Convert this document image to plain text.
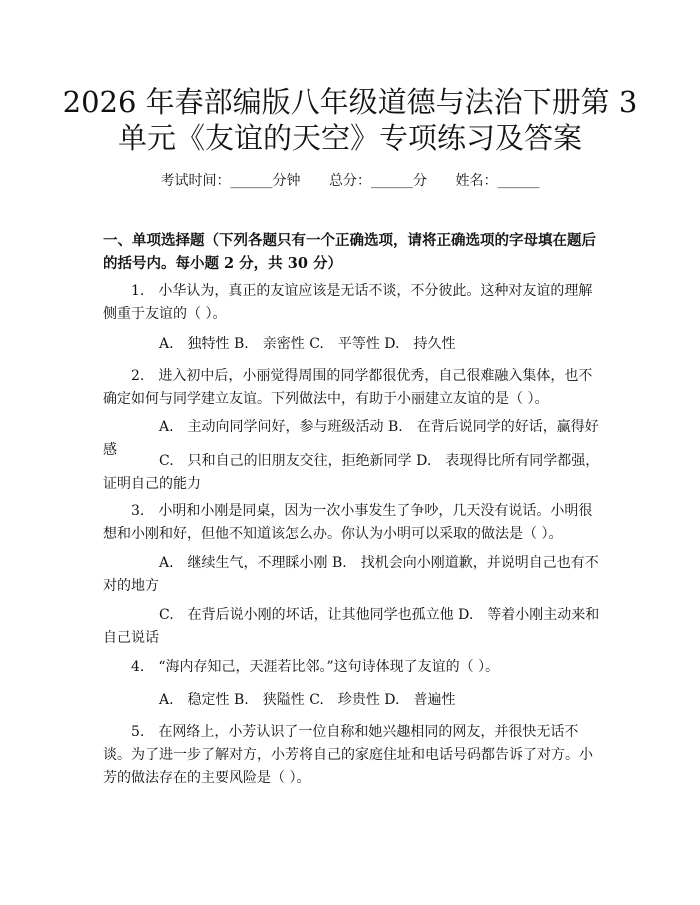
2026 年春部编版八年级道德与法治下册第 3
单元《友谊的天空》专项练习及答案
考试时间：______分钟 总分：______分 姓名：______

一、单项选择题（下列各题只有一个正确选项，请将正确选项的字母填在题后的括号内。每小题 2 分，共 30 分）

1.　小华认为，真正的友谊应该是无话不谈，不分彼此。这种对友谊的理解侧重于友谊的（ ）。

A.　独特性 B.　亲密性 C.　平等性 D.　持久性

2.　进入初中后，小丽觉得周围的同学都很优秀，自己很难融入集体，也不确定如何与同学建立友谊。下列做法中，有助于小丽建立友谊的是（ ）。

A.　主动向同学问好，参与班级活动 B.　在背后说同学的好话，赢得好感

C.　只和自己的旧朋友交往，拒绝新同学 D.　表现得比所有同学都强，证明自己的能力

3.　小明和小刚是同桌，因为一次小事发生了争吵，几天没有说话。小明很想和小刚和好，但他不知道该怎么办。你认为小明可以采取的做法是（ ）。

A.　继续生气，不理睬小刚 B.　找机会向小刚道歉，并说明自己也有不对的地方

C.　在背后说小刚的坏话，让其他同学也孤立他 D.　等着小刚主动来和自己说话

4.　“海内存知己，天涯若比邻。”这句诗体现了友谊的（ ）。

A.　稳定性 B.　狭隘性 C.　珍贵性 D.　普遍性

5.　在网络上，小芳认识了一位自称和她兴趣相同的网友，并很快无话不谈。为了进一步了解对方，小芳将自己的家庭住址和电话号码都告诉了对方。小芳的做法存在的主要风险是（ ）。
